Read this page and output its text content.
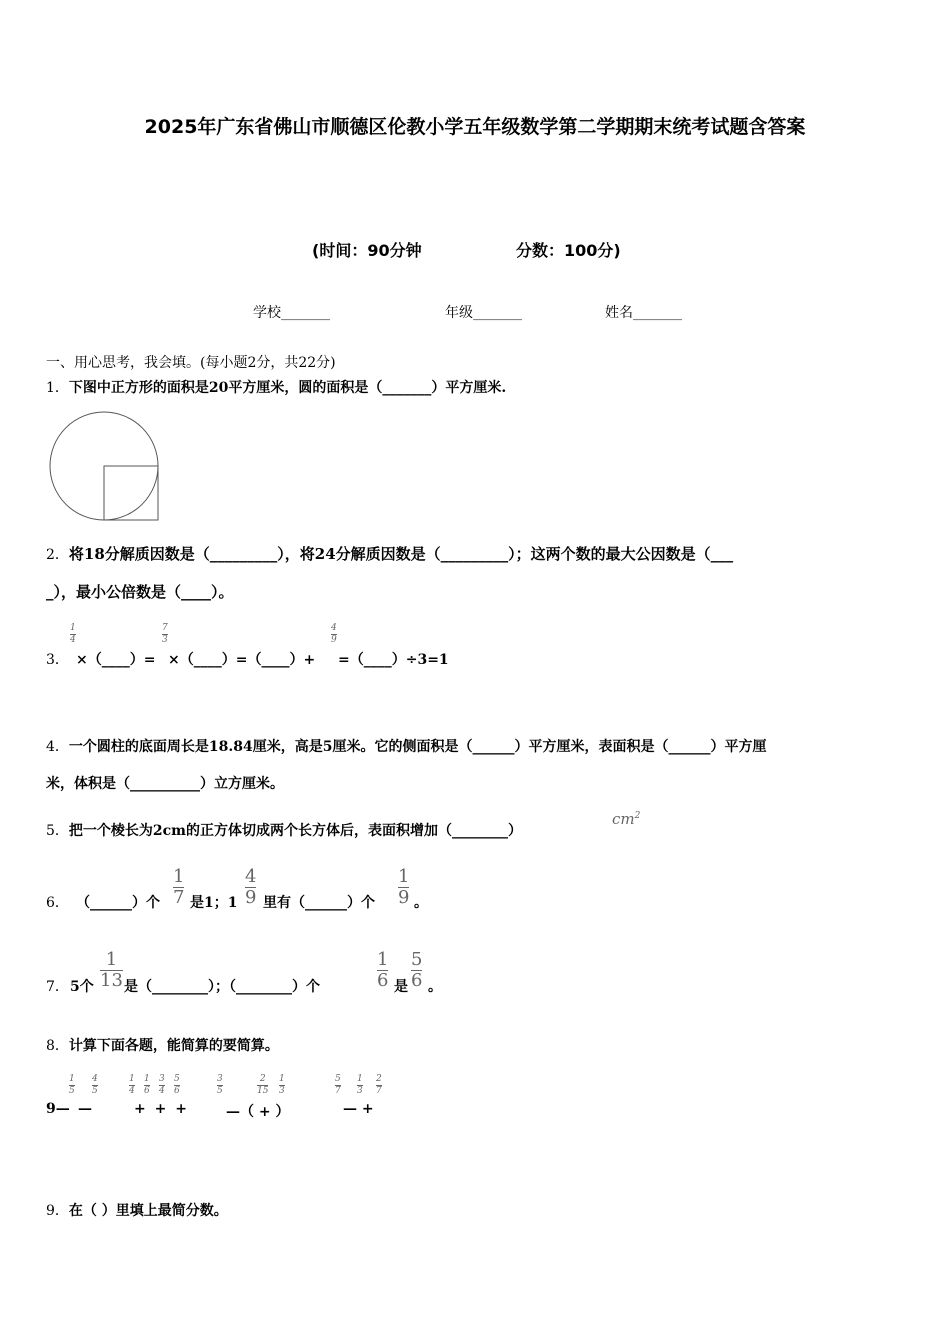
2025年广东省佛山市顺德区伦教小学五年级数学第二学期期末统考试题含答案
(时间：90分钟	分数：100分)
学校_______	年级_______	姓名_______
一、用心思考，我会填。(每小题2分，共22分)
1．下图中正方形的面积是20平方厘米，圆的面积是（_______）平方厘米.
2．将18分解质因数是（_________），将24分解质因数是（_________）；这两个数的最大公因数是（___
_），最小公倍数是（____）。
3．
1
4
×（____）=
7
3
×（____）=（____）+
4
9
=（____）÷3=1
4．一个圆柱的底面周长是18.84厘米，高是5厘米。它的侧面积是（______）平方厘米，表面积是（______）平方厘
米，体积是（__________）立方厘米。
5．把一个棱长为2cm的正方体切成两个长方体后，表面积增加（________）
$cm^2$
6． （______）个
1
7 是1；1
4
9 里有（______）个
1
9 。
7． 5个
1
13 是（________）；（________）个
1
6 是
5
6 。
8．计算下面各题，能简算的要简算。
9—
1
5
—
4
5
1
4
1
6
3
4
5
6
+ + +
3
5
2
15
1
3
—（ + ）
5
7
1
3
2
7
— +
9．在（ ）里填上最简分数。
